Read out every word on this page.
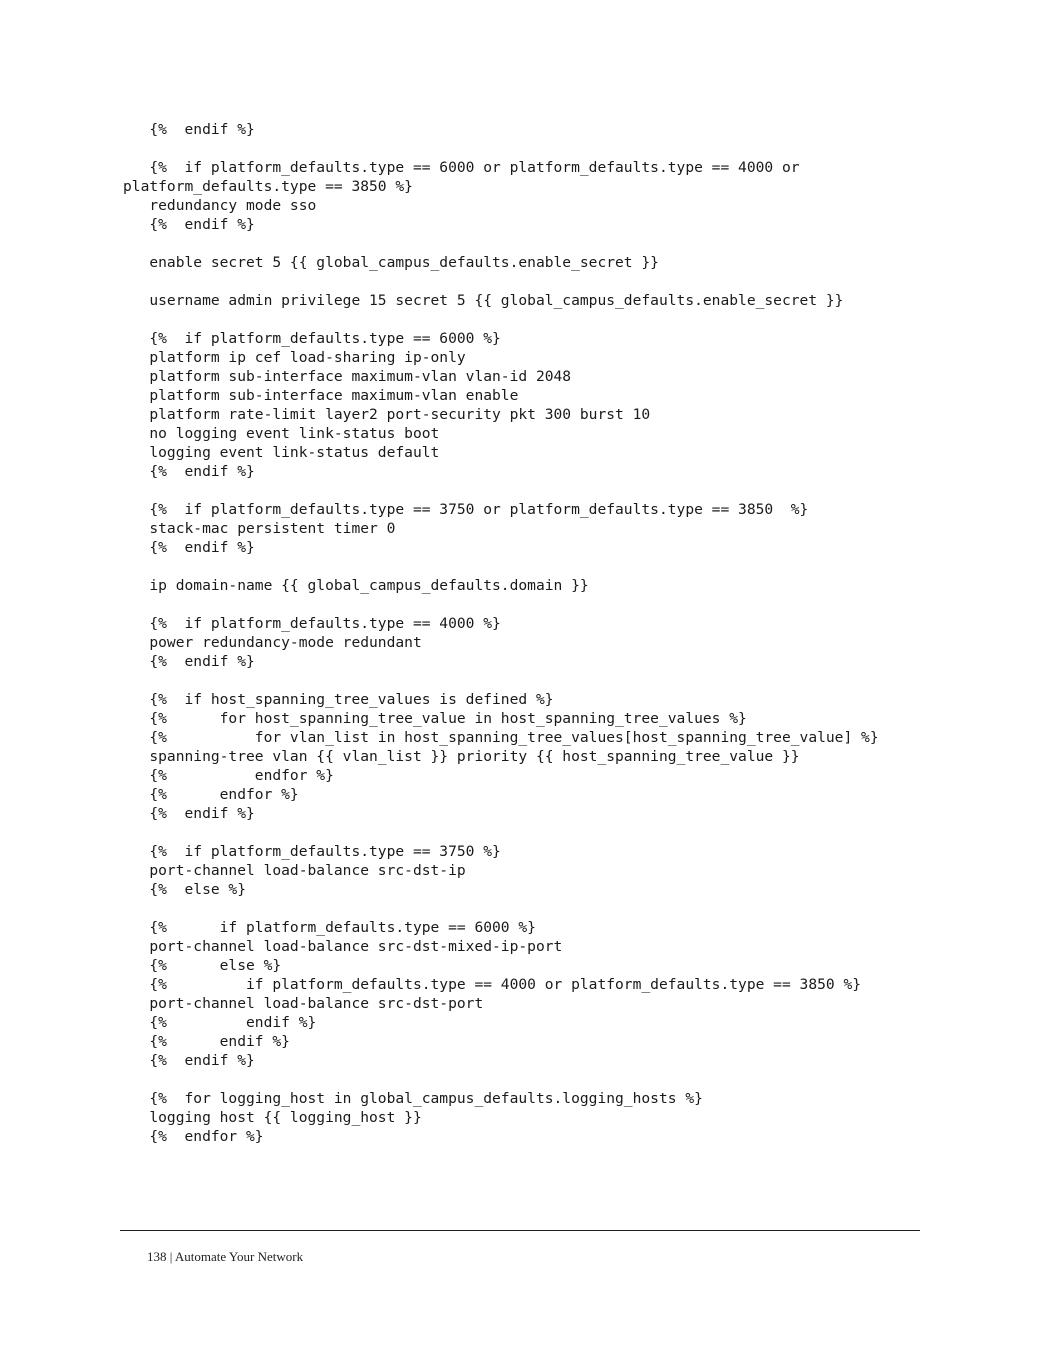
{%  endif %}
{%  if platform_defaults.type == 6000 or platform_defaults.type == 4000 or
platform_defaults.type == 3850 %}
redundancy mode sso
{%  endif %}
enable secret 5 {{ global_campus_defaults.enable_secret }}
username admin privilege 15 secret 5 {{ global_campus_defaults.enable_secret }}
{%  if platform_defaults.type == 6000 %}
platform ip cef load-sharing ip-only
platform sub-interface maximum-vlan vlan-id 2048
platform sub-interface maximum-vlan enable
platform rate-limit layer2 port-security pkt 300 burst 10
no logging event link-status boot
logging event link-status default
{%  endif %}
{%  if platform_defaults.type == 3750 or platform_defaults.type == 3850  %}
stack-mac persistent timer 0
{%  endif %}
ip domain-name {{ global_campus_defaults.domain }}
{%  if platform_defaults.type == 4000 %}
power redundancy-mode redundant
{%  endif %}
{%  if host_spanning_tree_values is defined %}
{%      for host_spanning_tree_value in host_spanning_tree_values %}
{%          for vlan_list in host_spanning_tree_values[host_spanning_tree_value] %}
spanning-tree vlan {{ vlan_list }} priority {{ host_spanning_tree_value }}
{%          endfor %}
{%      endfor %}
{%  endif %}
{%  if platform_defaults.type == 3750 %}
port-channel load-balance src-dst-ip
{%  else %}
{%      if platform_defaults.type == 6000 %}
port-channel load-balance src-dst-mixed-ip-port
{%      else %}
{%         if platform_defaults.type == 4000 or platform_defaults.type == 3850 %}
port-channel load-balance src-dst-port
{%         endif %}
{%      endif %}
{%  endif %}
{%  for logging_host in global_campus_defaults.logging_hosts %}
logging host {{ logging_host }}
{%  endfor %}
138 | Automate Your Network
